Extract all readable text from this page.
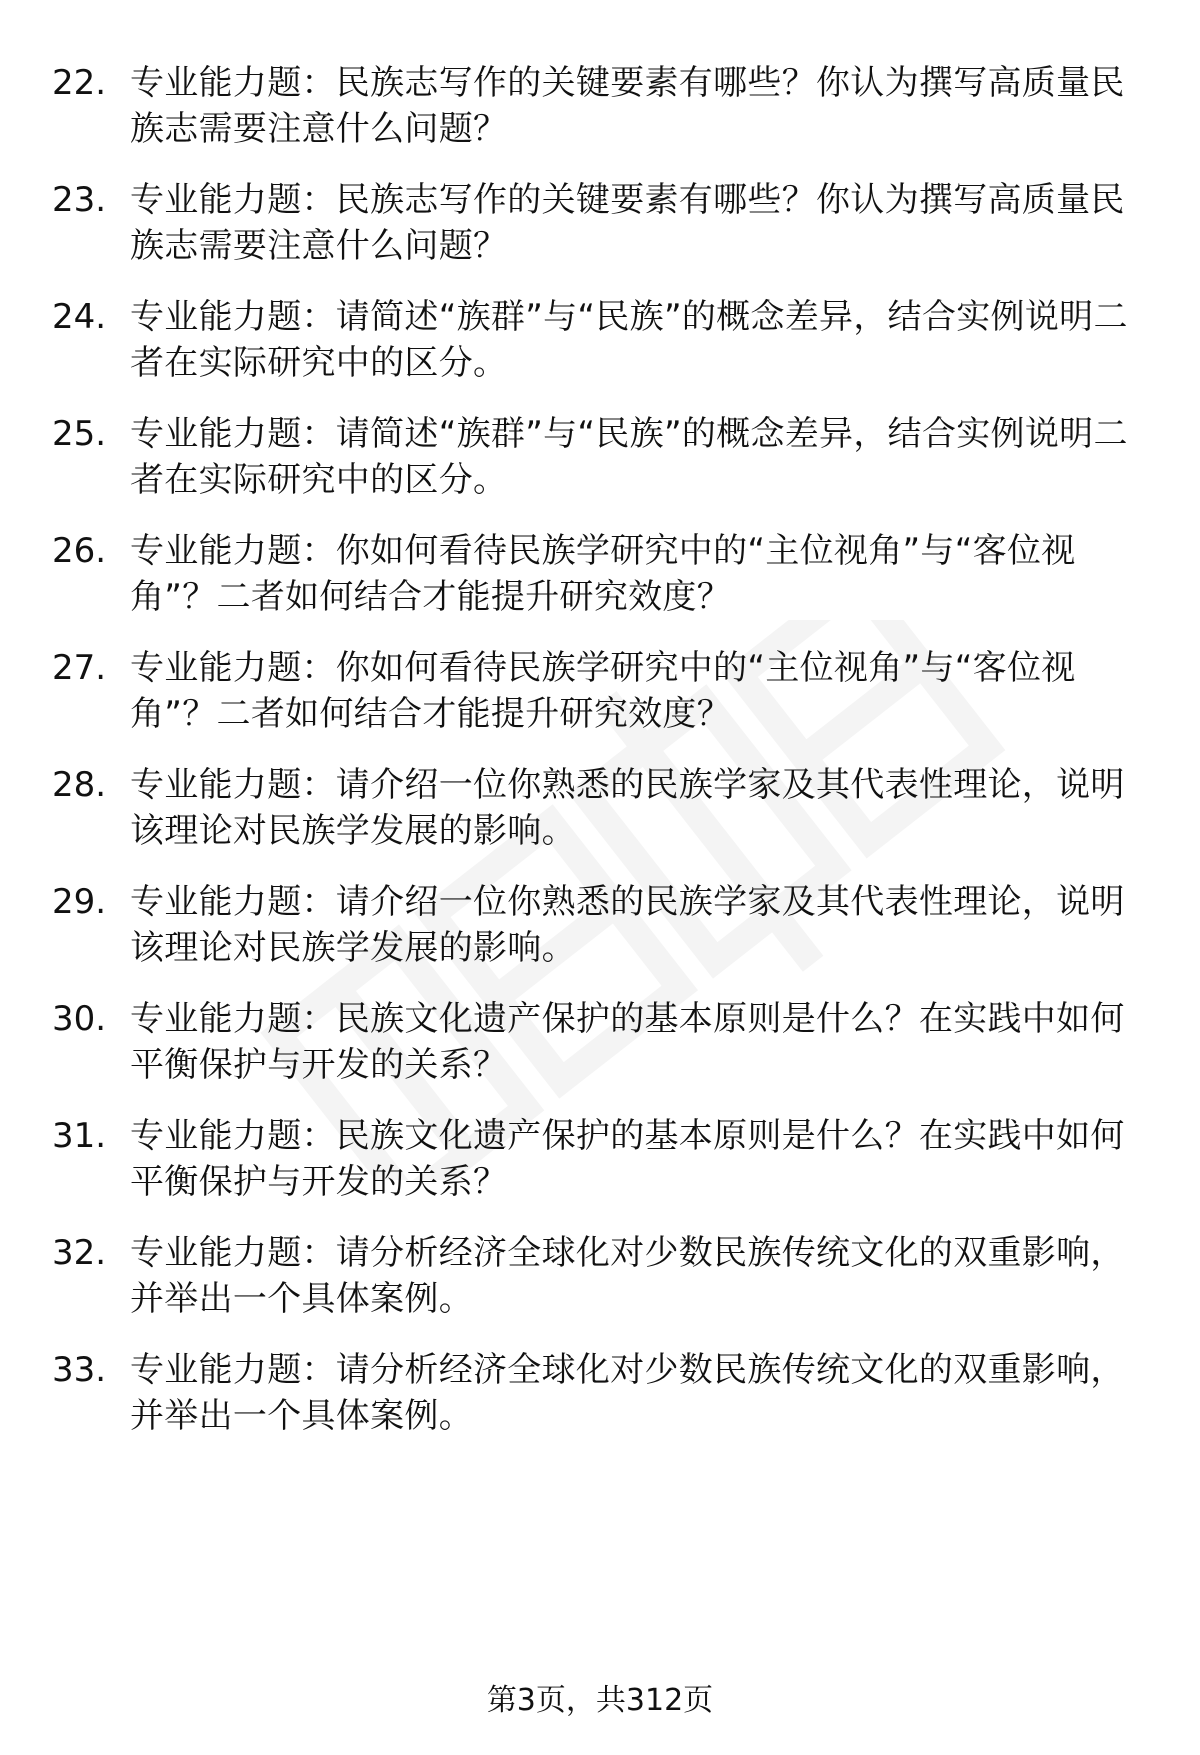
22. 专业能力题：民族志写作的关键要素有哪些？你认为撰写高质量民族志需要注意什么问题？
23. 专业能力题：民族志写作的关键要素有哪些？你认为撰写高质量民族志需要注意什么问题？
24. 专业能力题：请简述“族群”与“民族”的概念差异，结合实例说明二者在实际研究中的区分。
25. 专业能力题：请简述“族群”与“民族”的概念差异，结合实例说明二者在实际研究中的区分。
26. 专业能力题：你如何看待民族学研究中的“主位视角”与“客位视角”？二者如何结合才能提升研究效度？
27. 专业能力题：你如何看待民族学研究中的“主位视角”与“客位视角”？二者如何结合才能提升研究效度？
28. 专业能力题：请介绍一位你熟悉的民族学家及其代表性理论，说明该理论对民族学发展的影响。
29. 专业能力题：请介绍一位你熟悉的民族学家及其代表性理论，说明该理论对民族学发展的影响。
30. 专业能力题：民族文化遗产保护的基本原则是什么？在实践中如何平衡保护与开发的关系？
31. 专业能力题：民族文化遗产保护的基本原则是什么？在实践中如何平衡保护与开发的关系？
32. 专业能力题：请分析经济全球化对少数民族传统文化的双重影响，并举出一个具体案例。
33. 专业能力题：请分析经济全球化对少数民族传统文化的双重影响，并举出一个具体案例。
第3页，共312页
